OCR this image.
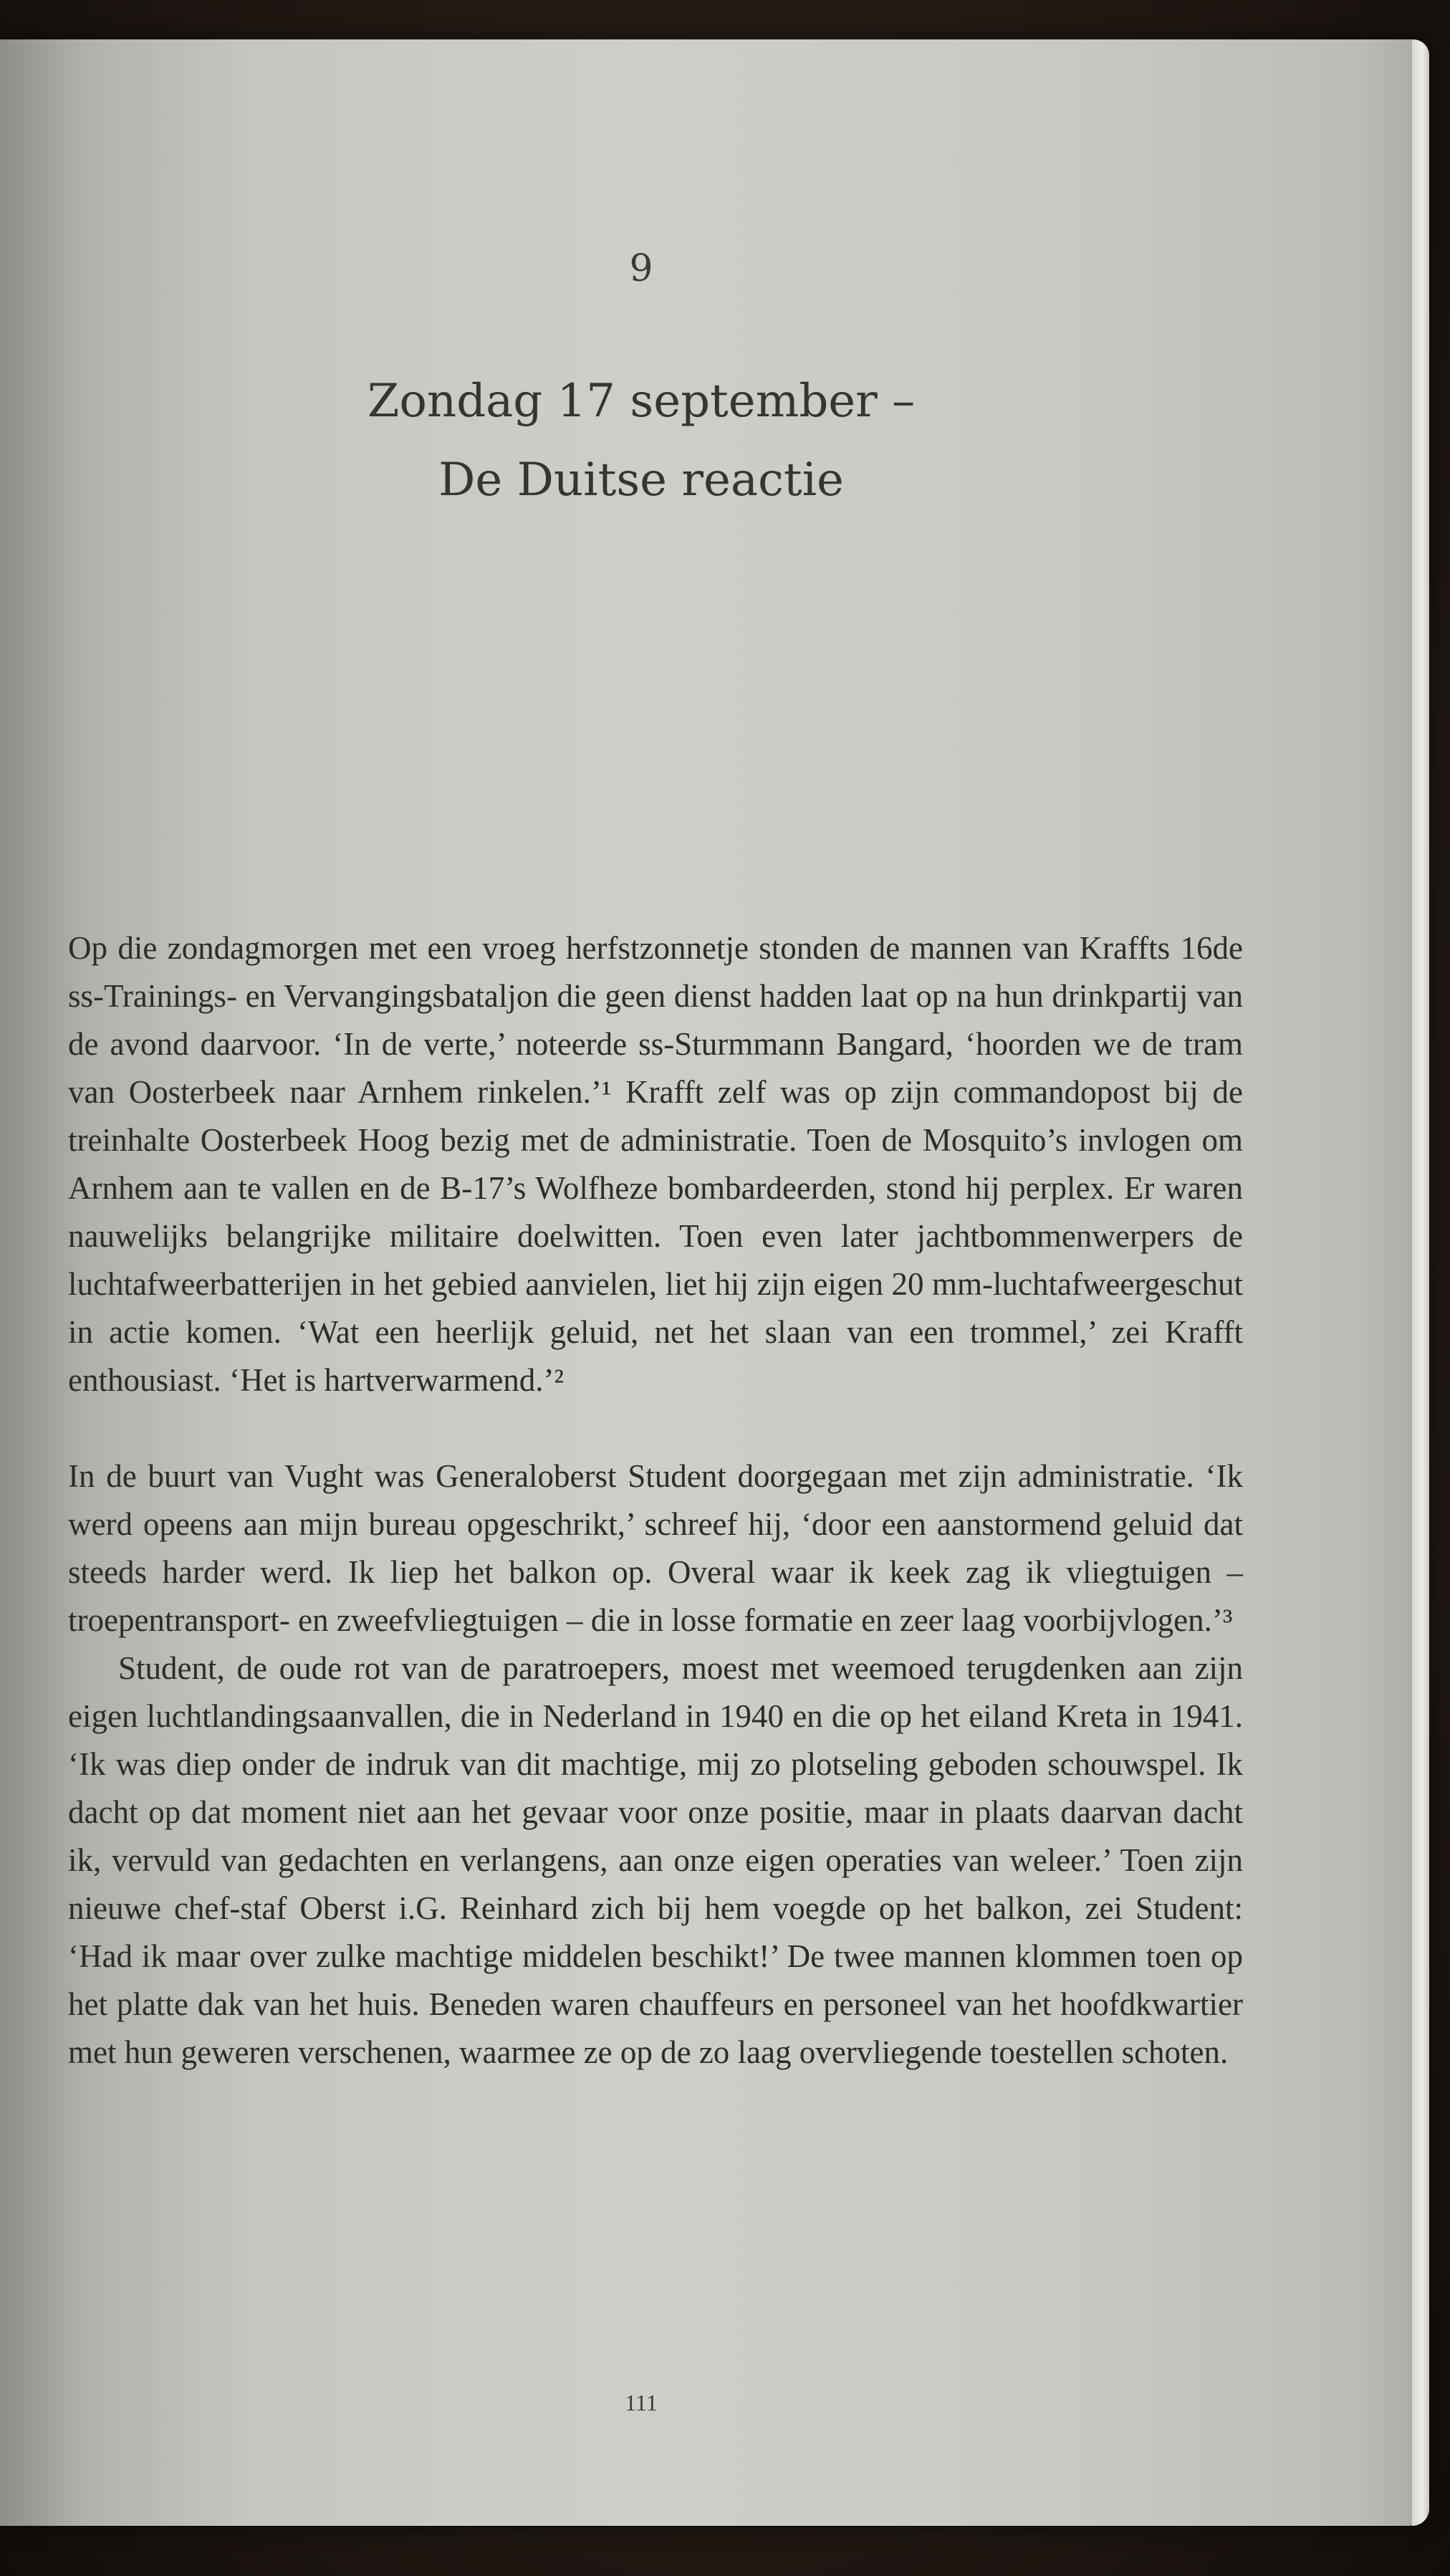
9
Zondag 17 september –
De Duitse reactie

Op die zondagmorgen met een vroeg herfstzonnetje stonden de mannen van Kraffts 16de ss-Trainings- en Vervangingsbataljon die geen dienst hadden laat op na hun drinkpartij van de avond daarvoor. ‘In de verte,’ noteerde ss-Sturmmann Bangard, ‘hoorden we de tram van Oosterbeek naar Arnhem rinkelen.’¹ Krafft zelf was op zijn commandopost bij de treinhalte Oosterbeek Hoog bezig met de administratie. Toen de Mosquito’s invlogen om Arnhem aan te vallen en de B-17’s Wolfheze bombardeerden, stond hij perplex. Er waren nauwelijks belangrijke militaire doelwitten. Toen even later jachtbommenwerpers de luchtafweerbatterijen in het gebied aanvielen, liet hij zijn eigen 20 mm-luchtafweergeschut in actie komen. ‘Wat een heerlijk geluid, net het slaan van een trommel,’ zei Krafft enthousiast. ‘Het is hartverwarmend.’²

In de buurt van Vught was Generaloberst Student doorgegaan met zijn administratie. ‘Ik werd opeens aan mijn bureau opgeschrikt,’ schreef hij, ‘door een aanstormend geluid dat steeds harder werd. Ik liep het balkon op. Overal waar ik keek zag ik vliegtuigen – troepentransport- en zweefvliegtuigen – die in losse formatie en zeer laag voorbijvlogen.’³

Student, de oude rot van de paratroepers, moest met weemoed terugdenken aan zijn eigen luchtlandingsaanvallen, die in Nederland in 1940 en die op het eiland Kreta in 1941. ‘Ik was diep onder de indruk van dit machtige, mij zo plotseling geboden schouwspel. Ik dacht op dat moment niet aan het gevaar voor onze positie, maar in plaats daarvan dacht ik, vervuld van gedachten en verlangens, aan onze eigen operaties van weleer.’ Toen zijn nieuwe chef-staf Oberst i.G. Reinhard zich bij hem voegde op het balkon, zei Student: ‘Had ik maar over zulke machtige middelen beschikt!’ De twee mannen klommen toen op het platte dak van het huis. Beneden waren chauffeurs en personeel van het hoofdkwartier met hun geweren verschenen, waarmee ze op de zo laag overvliegende toestellen schoten.

111
